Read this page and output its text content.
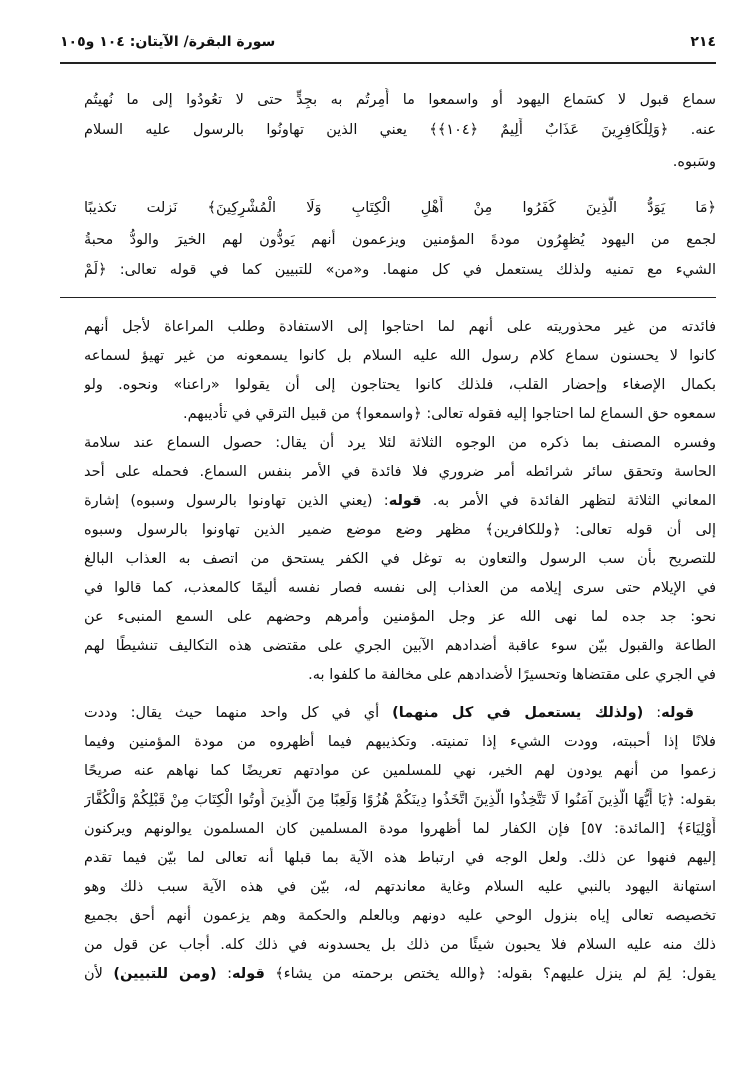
٢١٤
سورة البقرة/ الآيتان: ١٠٤ و١٠٥
سماع قبول لا كسَماع اليهود أو واسمعوا ما أُمِرتُم به بجِدٍّ حتى لا تعُودُوا إلى ما نُهيتُم
عنه. ﴿وَلِلْكَافِرِينَ عَذَابٌ أَلِيمٌ ﴿١٠٤﴾﴾ يعني الذين تهاونُوا بالرسول عليه السلام
وسَبوه.
﴿مَا يَوَدُّ الَّذِينَ كَفَرُوا مِنْ أَهْلِ الْكِتَابِ وَلَا الْمُشْرِكِينَ﴾ نَزلت تكذيبًا
لجمع من اليهود يُظهِرُون مودةَ المؤمنين ويزعمون أنهم يَودُّون لهم الخيرَ والودُّ محبةُ
الشيء مع تمنيه ولذلك يستعمل في كل منهما. و«من» للتبيين كما في قوله تعالى: ﴿لَمْ
فائدته من غير محذوريته على أنهم لما احتاجوا إلى الاستفادة وطلب المراعاة لأجل أنهم
كانوا لا يحسنون سماع كلام رسول الله عليه السلام بل كانوا يسمعونه من غير تهيؤ لسماعه
بكمال الإصغاء وإحضار القلب، فلذلك كانوا يحتاجون إلى أن يقولوا «راعنا» ونحوه. ولو
سمعوه حق السماع لما احتاجوا إليه فقوله تعالى: ﴿واسمعوا﴾ من قبيل الترقي في تأديبهم.
وفسره المصنف بما ذكره من الوجوه الثلاثة لئلا يرد أن يقال: حصول السماع عند سلامة
الحاسة وتحقق سائر شرائطه أمر ضروري فلا فائدة في الأمر بنفس السماع. فحمله على أحد
المعاني الثلاثة لتظهر الفائدة في الأمر به. قوله: (يعني الذين تهاونوا بالرسول وسبوه) إشارة
إلى أن قوله تعالى: ﴿وللكافرين﴾ مظهر وضع موضع ضمير الذين تهاونوا بالرسول وسبوه
للتصريح بأن سب الرسول والتعاون به توغل في الكفر يستحق من اتصف به العذاب البالغ
في الإيلام حتى سرى إيلامه من العذاب إلى نفسه فصار نفسه أليمًا كالمعذب، كما قالوا في
نحو: جد جده لما نهى الله عز وجل المؤمنين وأمرهم وحضهم على السمع المنبىء عن
الطاعة والقبول بيّن سوء عاقبة أضدادهم الآبين الجري على مقتضى هذه التكاليف تنشيطًا لهم
في الجري على مقتضاها وتحسيرًا لأضدادهم على مخالفة ما كلفوا به.
قوله: (ولذلك يستعمل في كل منهما) أي في كل واحد منهما حيث يقال: وددت
فلانًا إذا أحببته، وودت الشيء إذا تمنيته. وتكذيبهم فيما أظهروه من مودة المؤمنين وفيما
زعموا من أنهم يودون لهم الخير، نهي للمسلمين عن موادتهم تعريضًا كما نهاهم عنه صريحًا
بقوله: ﴿يَا أَيُّهَا الَّذِينَ آمَنُوا لَا تَتَّخِذُوا الَّذِينَ اتَّخَذُوا دِينَكُمْ هُزُوًا وَلَعِبًا مِنَ الَّذِينَ أُوتُوا الْكِتَابَ مِنْ قَبْلِكُمْ وَالْكُفَّارَ
أَوْلِيَاءَ﴾ [المائدة: ٥٧] فإن الكفار لما أظهروا مودة المسلمين كان المسلمون يوالونهم ويركنون
إليهم فنهوا عن ذلك. ولعل الوجه في ارتباط هذه الآية بما قبلها أنه تعالى لما بيّن فيما تقدم
استهانة اليهود بالنبي عليه السلام وغاية معاندتهم له، بيّن في هذه الآية سبب ذلك وهو
تخصيصه تعالى إياه بنزول الوحي عليه دونهم وبالعلم والحكمة وهم يزعمون أنهم أحق بجميع
ذلك منه عليه السلام فلا يحبون شيئًا من ذلك بل يحسدونه في ذلك كله. أجاب عن قول من
يقول: لِمَ لم ينزل عليهم؟ بقوله: ﴿والله يختص برحمته من يشاء﴾ قوله: (ومن للتبيين) لأن
